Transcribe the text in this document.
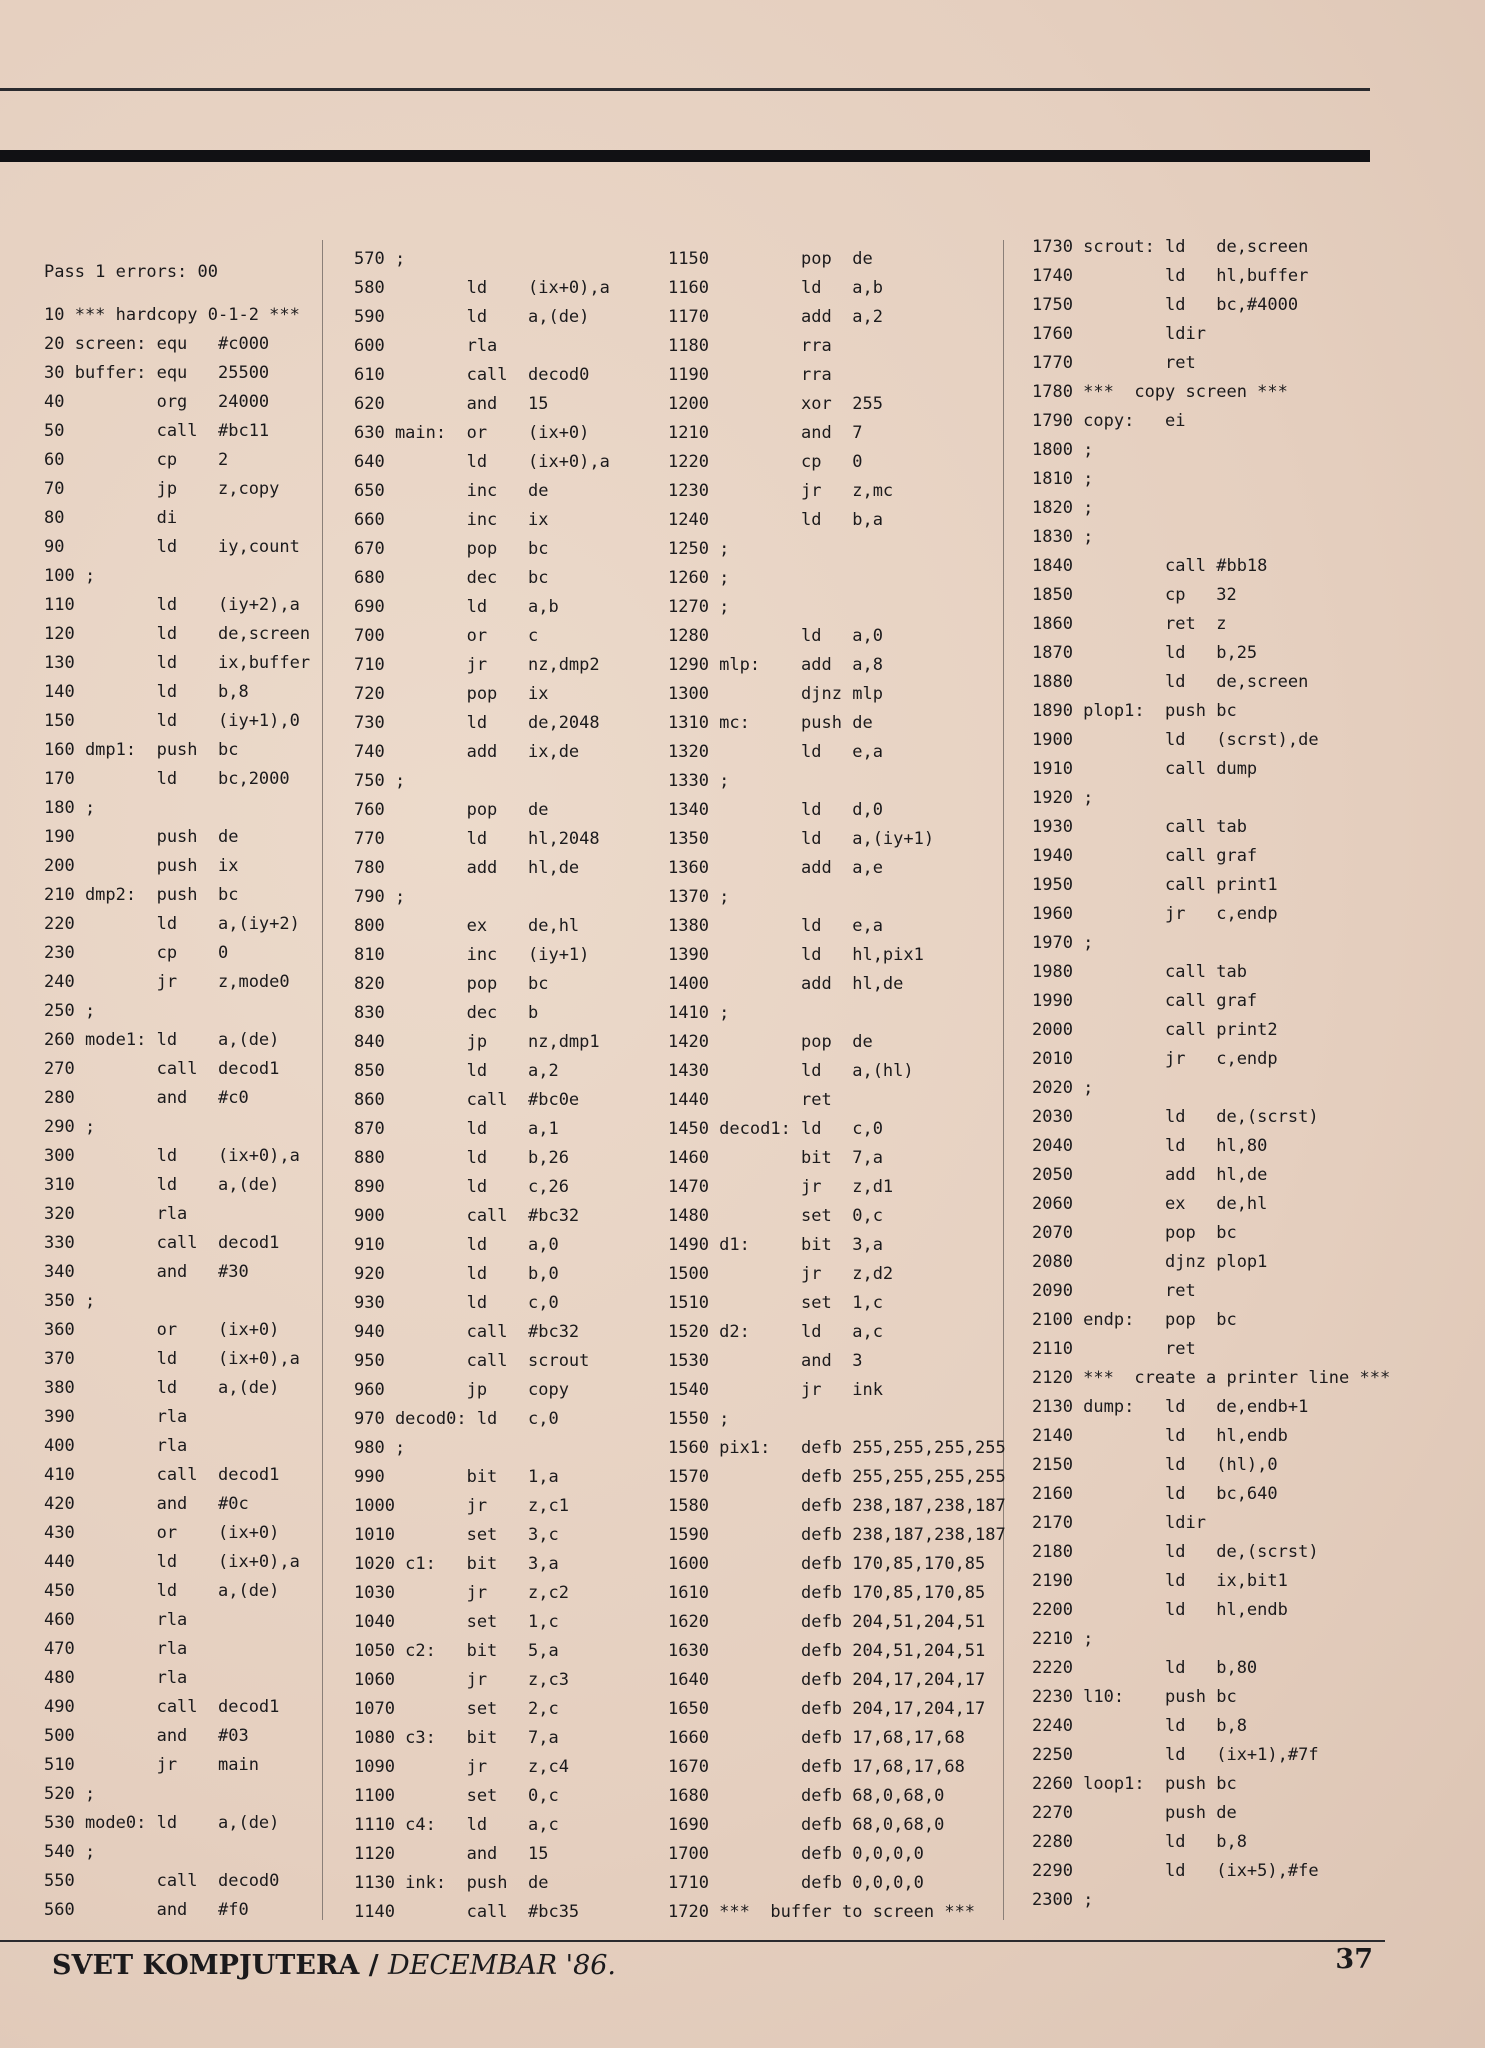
Pass 1 errors: 00
10 *** hardcopy 0-1-2 ***
20 screen: equ   #c000
30 buffer: equ   25500
40         org   24000
50         call  #bc11
60         cp    2
70         jp    z,copy
80         di
90         ld    iy,count
100 ;
110        ld    (iy+2),a
120        ld    de,screen
130        ld    ix,buffer
140        ld    b,8
150        ld    (iy+1),0
160 dmp1:  push  bc
170        ld    bc,2000
180 ;
190        push  de
200        push  ix
210 dmp2:  push  bc
220        ld    a,(iy+2)
230        cp    0
240        jr    z,mode0
250 ;
260 mode1: ld    a,(de)
270        call  decod1
280        and   #c0
290 ;
300        ld    (ix+0),a
310        ld    a,(de)
320        rla
330        call  decod1
340        and   #30
350 ;
360        or    (ix+0)
370        ld    (ix+0),a
380        ld    a,(de)
390        rla
400        rla
410        call  decod1
420        and   #0c
430        or    (ix+0)
440        ld    (ix+0),a
450        ld    a,(de)
460        rla
470        rla
480        rla
490        call  decod1
500        and   #03
510        jr    main
520 ;
530 mode0: ld    a,(de)
540 ;
550        call  decod0
560        and   #f0
570 ;
580        ld    (ix+0),a
590        ld    a,(de)
600        rla
610        call  decod0
620        and   15
630 main:  or    (ix+0)
640        ld    (ix+0),a
650        inc   de
660        inc   ix
670        pop   bc
680        dec   bc
690        ld    a,b
700        or    c
710        jr    nz,dmp2
720        pop   ix
730        ld    de,2048
740        add   ix,de
750 ;
760        pop   de
770        ld    hl,2048
780        add   hl,de
790 ;
800        ex    de,hl
810        inc   (iy+1)
820        pop   bc
830        dec   b
840        jp    nz,dmp1
850        ld    a,2
860        call  #bc0e
870        ld    a,1
880        ld    b,26
890        ld    c,26
900        call  #bc32
910        ld    a,0
920        ld    b,0
930        ld    c,0
940        call  #bc32
950        call  scrout
960        jp    copy
970 decod0: ld   c,0
980 ;
990        bit   1,a
1000       jr    z,c1
1010       set   3,c
1020 c1:   bit   3,a
1030       jr    z,c2
1040       set   1,c
1050 c2:   bit   5,a
1060       jr    z,c3
1070       set   2,c
1080 c3:   bit   7,a
1090       jr    z,c4
1100       set   0,c
1110 c4:   ld    a,c
1120       and   15
1130 ink:  push  de
1140       call  #bc35
1150         pop  de
1160         ld   a,b
1170         add  a,2
1180         rra
1190         rra
1200         xor  255
1210         and  7
1220         cp   0
1230         jr   z,mc
1240         ld   b,a
1250 ;
1260 ;
1270 ;
1280         ld   a,0
1290 mlp:    add  a,8
1300         djnz mlp
1310 mc:     push de
1320         ld   e,a
1330 ;
1340         ld   d,0
1350         ld   a,(iy+1)
1360         add  a,e
1370 ;
1380         ld   e,a
1390         ld   hl,pix1
1400         add  hl,de
1410 ;
1420         pop  de
1430         ld   a,(hl)
1440         ret
1450 decod1: ld   c,0
1460         bit  7,a
1470         jr   z,d1
1480         set  0,c
1490 d1:     bit  3,a
1500         jr   z,d2
1510         set  1,c
1520 d2:     ld   a,c
1530         and  3
1540         jr   ink
1550 ;
1560 pix1:   defb 255,255,255,255
1570         defb 255,255,255,255
1580         defb 238,187,238,187
1590         defb 238,187,238,187
1600         defb 170,85,170,85
1610         defb 170,85,170,85
1620         defb 204,51,204,51
1630         defb 204,51,204,51
1640         defb 204,17,204,17
1650         defb 204,17,204,17
1660         defb 17,68,17,68
1670         defb 17,68,17,68
1680         defb 68,0,68,0
1690         defb 68,0,68,0
1700         defb 0,0,0,0
1710         defb 0,0,0,0
1720 ***  buffer to screen ***
1730 scrout: ld   de,screen
1740         ld   hl,buffer
1750         ld   bc,#4000
1760         ldir
1770         ret
1780 ***  copy screen ***
1790 copy:   ei
1800 ;
1810 ;
1820 ;
1830 ;
1840         call #bb18
1850         cp   32
1860         ret  z
1870         ld   b,25
1880         ld   de,screen
1890 plop1:  push bc
1900         ld   (scrst),de
1910         call dump
1920 ;
1930         call tab
1940         call graf
1950         call print1
1960         jr   c,endp
1970 ;
1980         call tab
1990         call graf
2000         call print2
2010         jr   c,endp
2020 ;
2030         ld   de,(scrst)
2040         ld   hl,80
2050         add  hl,de
2060         ex   de,hl
2070         pop  bc
2080         djnz plop1
2090         ret
2100 endp:   pop  bc
2110         ret
2120 ***  create a printer line ***
2130 dump:   ld   de,endb+1
2140         ld   hl,endb
2150         ld   (hl),0
2160         ld   bc,640
2170         ldir
2180         ld   de,(scrst)
2190         ld   ix,bit1
2200         ld   hl,endb
2210 ;
2220         ld   b,80
2230 l10:    push bc
2240         ld   b,8
2250         ld   (ix+1),#7f
2260 loop1:  push bc
2270         push de
2280         ld   b,8
2290         ld   (ix+5),#fe
2300 ;
SVET KOMPJUTERA / DECEMBAR '86.	37
